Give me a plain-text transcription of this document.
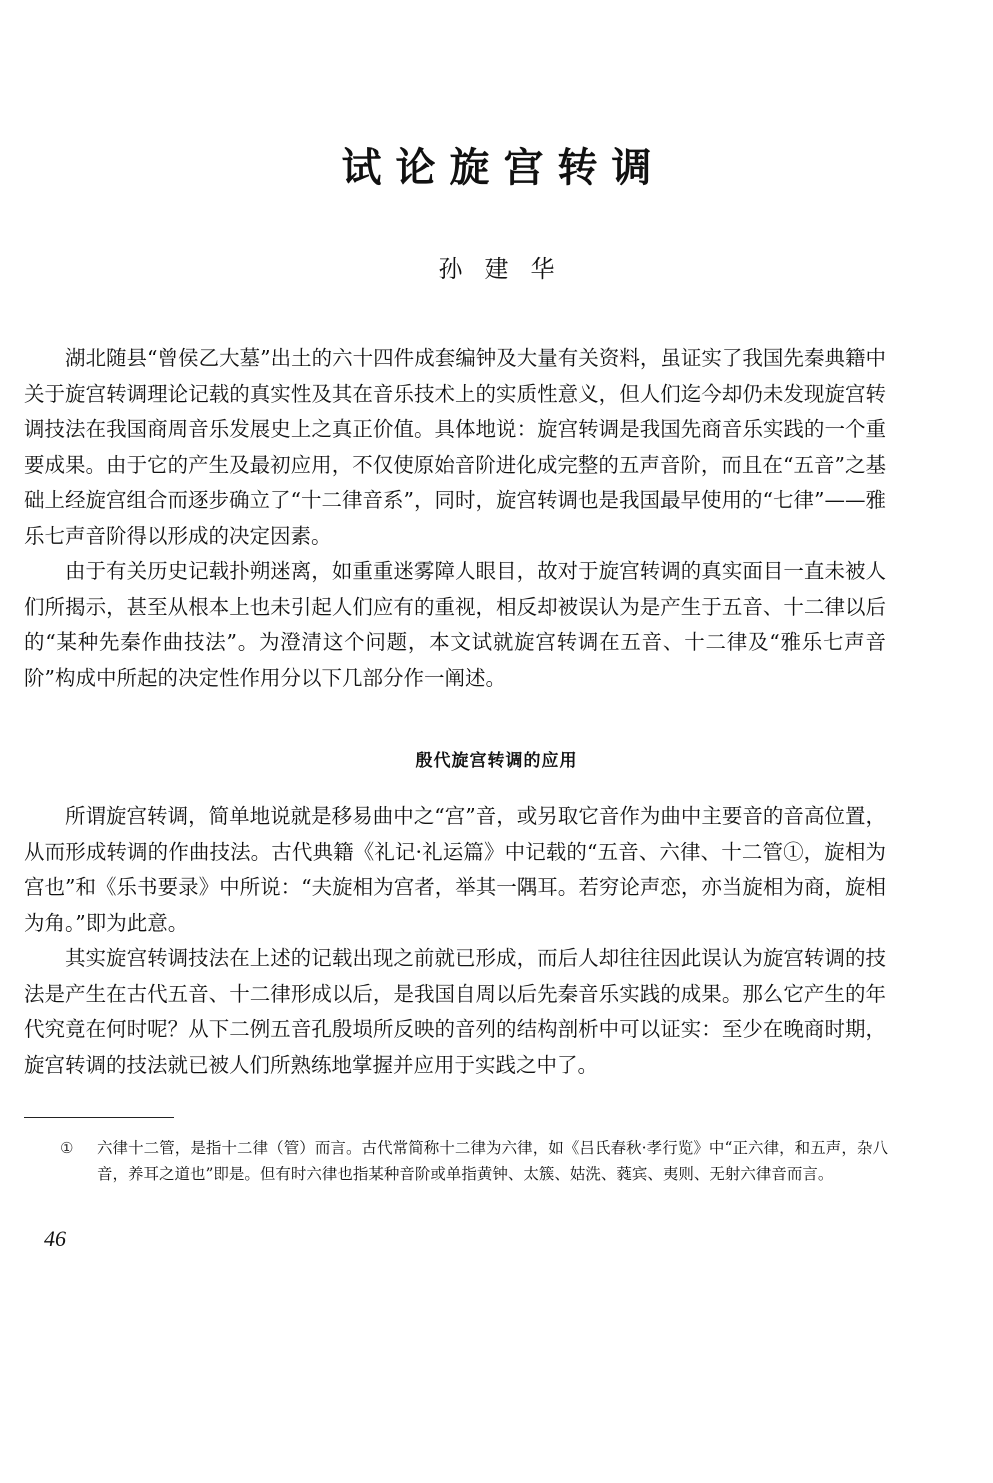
试论旋宫转调
孙建华

湖北随县“曾侯乙大墓”出土的六十四件成套编钟及大量有关资料，虽证实了我国先秦典籍中关于旋宫转调理论记载的真实性及其在音乐技术上的实质性意义，但人们迄今却仍未发现旋宫转调技法在我国商周音乐发展史上之真正价值。具体地说：旋宫转调是我国先商音乐实践的一个重要成果。由于它的产生及最初应用，不仅使原始音阶进化成完整的五声音阶，而且在“五音”之基础上经旋宫组合而逐步确立了“十二律音系”，同时，旋宫转调也是我国最早使用的“七律”——雅乐七声音阶得以形成的决定因素。

由于有关历史记载扑朔迷离，如重重迷雾障人眼目，故对于旋宫转调的真实面目一直未被人们所揭示，甚至从根本上也未引起人们应有的重视，相反却被误认为是产生于五音、十二律以后的“某种先秦作曲技法”。为澄清这个问题，本文试就旋宫转调在五音、十二律及“雅乐七声音阶”构成中所起的决定性作用分以下几部分作一阐述。

殷代旋宫转调的应用

所谓旋宫转调，简单地说就是移易曲中之“宫”音，或另取它音作为曲中主要音的音高位置，从而形成转调的作曲技法。古代典籍《礼记·礼运篇》中记载的“五音、六律、十二管①，旋相为宫也”和《乐书要录》中所说：“夫旋相为宫者，举其一隅耳。若穷论声恋，亦当旋相为商，旋相为角。”即为此意。

其实旋宫转调技法在上述的记载出现之前就已形成，而后人却往往因此误认为旋宫转调的技法是产生在古代五音、十二律形成以后，是我国自周以后先秦音乐实践的成果。那么它产生的年代究竟在何时呢？从下二例五音孔殷埙所反映的音列的结构剖析中可以证实：至少在晚商时期，旋宫转调的技法就已被人们所熟练地掌握并应用于实践之中了。

① 六律十二管，是指十二律（管）而言。古代常简称十二律为六律，如《吕氏春秋·孝行览》中“正六律，和五声，杂八音，养耳之道也”即是。但有时六律也指某种音阶或单指黄钟、太簇、姑洗、蕤宾、夷则、无射六律音而言。
46
